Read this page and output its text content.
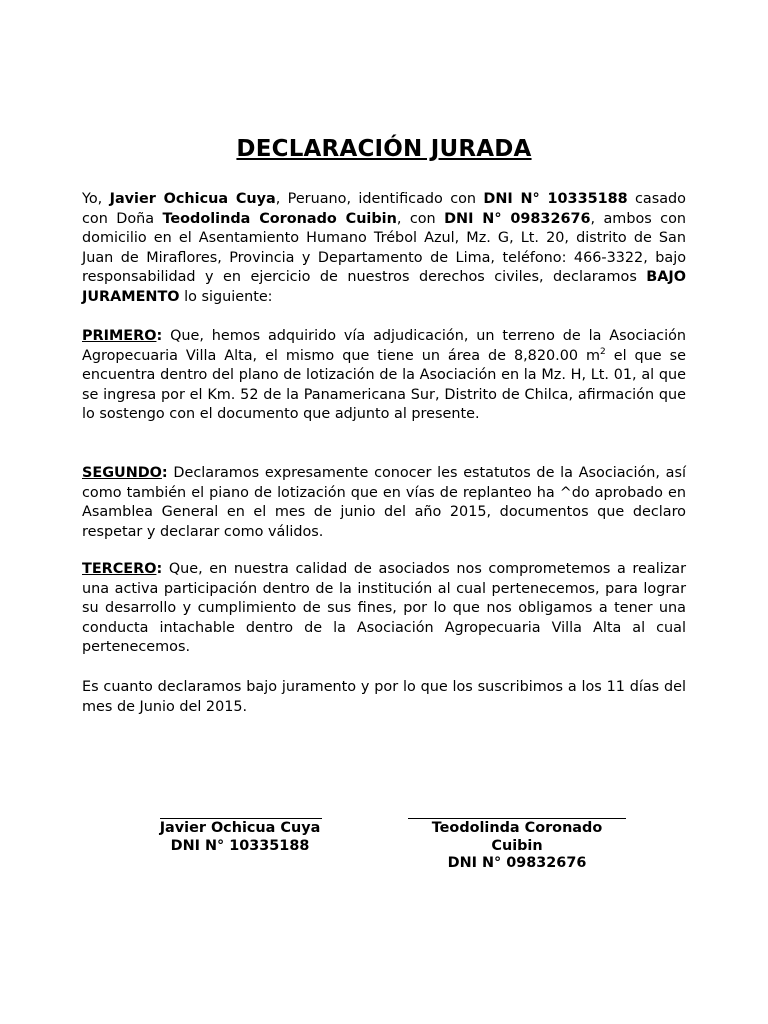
DECLARACIÓN JURADA

Yo, Javier Ochicua Cuya, Peruano, identificado con DNI N° 10335188 casado con Doña Teodolinda Coronado Cuibin, con DNI N° 09832676, ambos con domicilio en el Asentamiento Humano Trébol Azul, Mz. G, Lt. 20, distrito de San Juan de Miraflores, Provincia y Departamento de Lima, teléfono: 466-3322, bajo responsabilidad y en ejercicio de nuestros derechos civiles, declaramos BAJO JURAMENTO lo siguiente:

PRIMERO: Que, hemos adquirido vía adjudicación, un terreno de la Asociación Agropecuaria Villa Alta, el mismo que tiene un área de 8,820.00 $m^2$ el que se encuentra dentro del plano de lotización de la Asociación en la Mz. H, Lt. 01, al que se ingresa por el Km. 52 de la Panamericana Sur, Distrito de Chilca, afirmación que lo sostengo con el documento que adjunto al presente.

SEGUNDO: Declaramos expresamente conocer les estatutos de la Asociación, así como también el piano de lotización que en vías de replanteo ha ^do aprobado en Asamblea General en el mes de junio del año 2015, documentos que declaro respetar y declarar como válidos.

TERCERO: Que, en nuestra calidad de asociados nos comprometemos a realizar una activa participación dentro de la institución al cual pertenecemos, para lograr su desarrollo y cumplimiento de sus fines, por lo que nos obligamos a tener una conducta intachable dentro de la Asociación Agropecuaria Villa Alta al cual pertenecemos.

Es cuanto declaramos bajo juramento y por lo que los suscribimos a los 11 días del mes de Junio del 2015.

Javier Ochicua Cuya
DNI N° 10335188
Teodolinda Coronado
Cuibin
DNI N° 09832676
